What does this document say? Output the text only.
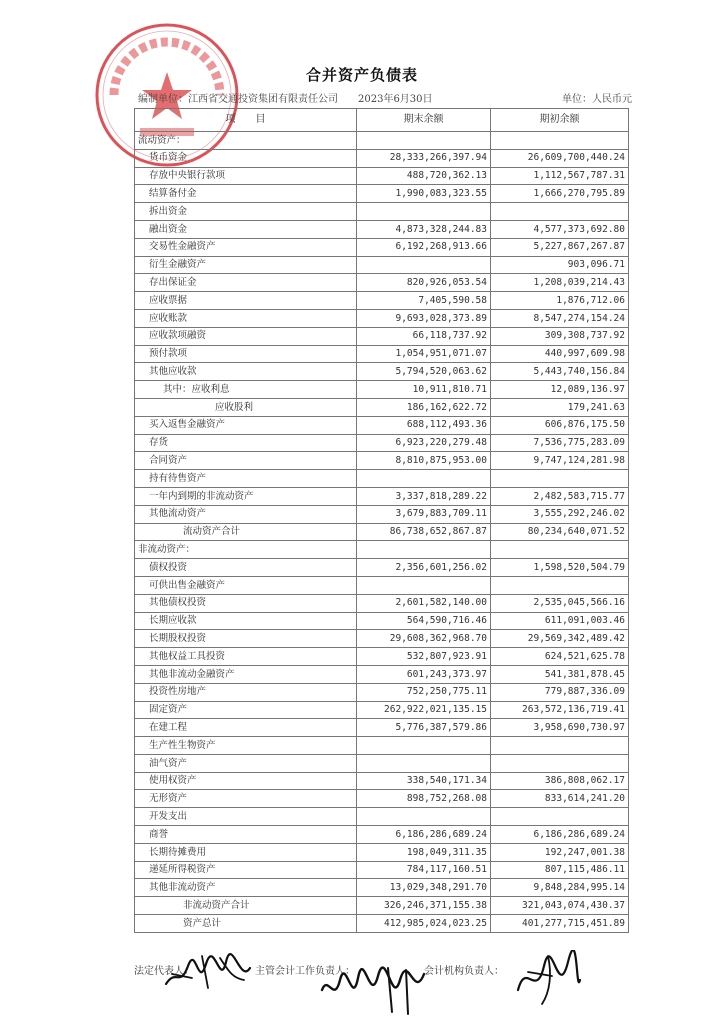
合并资产负债表
编制单位：江西省交通投资集团有限责任公司 2023年6月30日	单位：人民币元
项　　目	期末余额	期初余额
流动资产：		
货币资金	28,333,266,397.94	26,609,700,440.24
存放中央银行款项	488,720,362.13	1,112,567,787.31
结算备付金	1,990,083,323.55	1,666,270,795.89
拆出资金		
融出资金	4,873,328,244.83	4,577,373,692.80
交易性金融资产	6,192,268,913.66	5,227,867,267.87
衍生金融资产		903,096.71
存出保证金	820,926,053.54	1,208,039,214.43
应收票据	7,405,590.58	1,876,712.06
应收账款	9,693,028,373.89	8,547,274,154.24
应收款项融资	66,118,737.92	309,308,737.92
预付款项	1,054,951,071.07	440,997,609.98
其他应收款	5,794,520,063.62	5,443,740,156.84
其中：应收利息	10,911,810.71	12,089,136.97
应收股利	186,162,622.72	179,241.63
买入返售金融资产	688,112,493.36	606,876,175.50
存货	6,923,220,279.48	7,536,775,283.09
合同资产	8,810,875,953.00	9,747,124,281.98
持有待售资产		
一年内到期的非流动资产	3,337,818,289.22	2,482,583,715.77
其他流动资产	3,679,883,709.11	3,555,292,246.02
流动资产合计	86,738,652,867.87	80,234,640,071.52
非流动资产：		
债权投资	2,356,601,256.02	1,598,520,504.79
可供出售金融资产		
其他债权投资	2,601,582,140.00	2,535,045,566.16
长期应收款	564,590,716.46	611,091,003.46
长期股权投资	29,608,362,968.70	29,569,342,489.42
其他权益工具投资	532,807,923.91	624,521,625.78
其他非流动金融资产	601,243,373.97	541,381,878.45
投资性房地产	752,250,775.11	779,887,336.09
固定资产	262,922,021,135.15	263,572,136,719.41
在建工程	5,776,387,579.86	3,958,690,730.97
生产性生物资产		
油气资产		
使用权资产	338,540,171.34	386,808,062.17
无形资产	898,752,268.08	833,614,241.20
开发支出		
商誉	6,186,286,689.24	6,186,286,689.24
长期待摊费用	198,049,311.35	192,247,001.38
递延所得税资产	784,117,160.51	807,115,486.11
其他非流动资产	13,029,348,291.70	9,848,284,995.14
非流动资产合计	326,246,371,155.38	321,043,074,430.37
资产总计	412,985,024,023.25	401,277,715,451.89
法定代表人：	主管会计工作负责人：	会计机构负责人：
